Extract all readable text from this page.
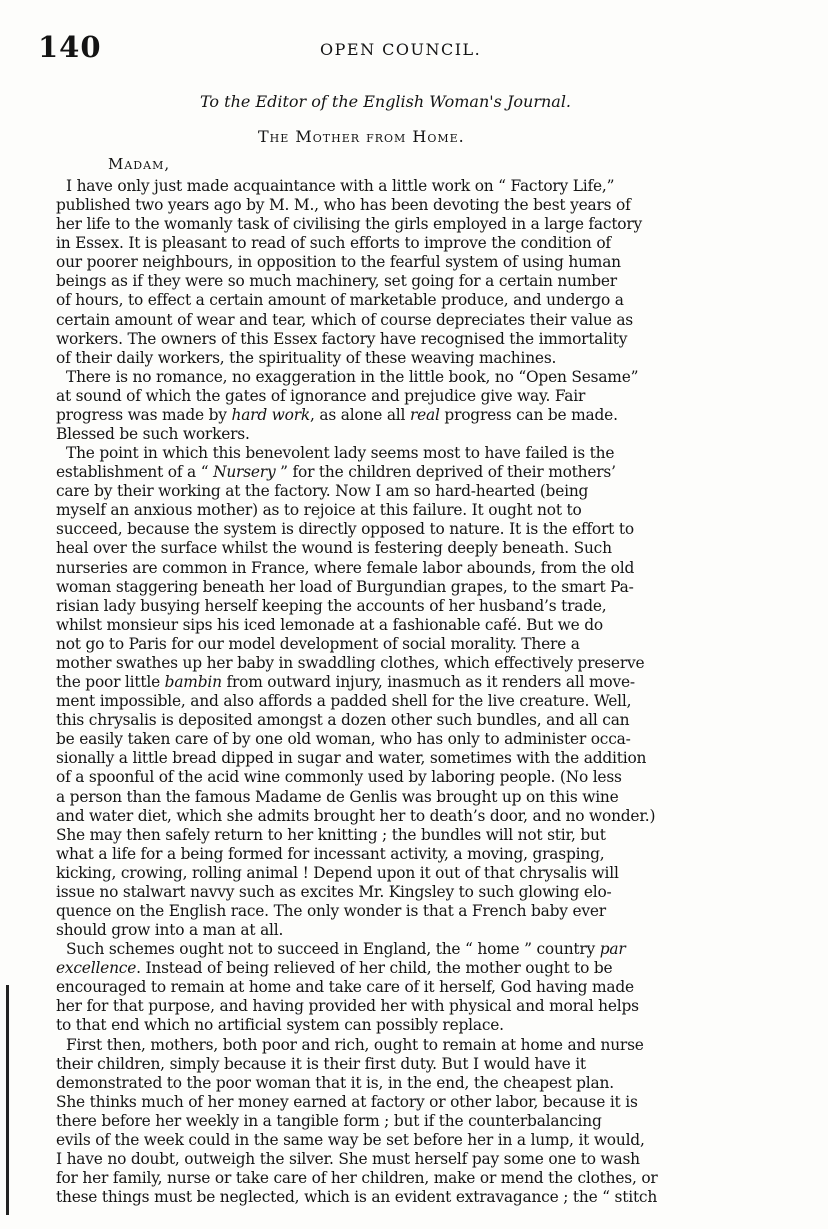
140	OPEN COUNCIL.
To the Editor of the English Woman's Journal.
The Mother from Home.
Madam,
I have only just made acquaintance with a little work on “ Factory Life,”
published two years ago by M. M., who has been devoting the best years of
her life to the womanly task of civilising the girls employed in a large factory
in Essex. It is pleasant to read of such efforts to improve the condition of
our poorer neighbours, in opposition to the fearful system of using human
beings as if they were so much machinery, set going for a certain number
of hours, to effect a certain amount of marketable produce, and undergo a
certain amount of wear and tear, which of course depreciates their value as
workers. The owners of this Essex factory have recognised the immortality
of their daily workers, the spirituality of these weaving machines.
There is no romance, no exaggeration in the little book, no “Open Sesame”
at sound of which the gates of ignorance and prejudice give way. Fair
progress was made by hard work, as alone all real progress can be made.
Blessed be such workers.
The point in which this benevolent lady seems most to have failed is the
establishment of a “ Nursery ” for the children deprived of their mothers’
care by their working at the factory. Now I am so hard-hearted (being
myself an anxious mother) as to rejoice at this failure. It ought not to
succeed, because the system is directly opposed to nature. It is the effort to
heal over the surface whilst the wound is festering deeply beneath. Such
nurseries are common in France, where female labor abounds, from the old
woman staggering beneath her load of Burgundian grapes, to the smart Pa-
risian lady busying herself keeping the accounts of her husband’s trade,
whilst monsieur sips his iced lemonade at a fashionable café. But we do
not go to Paris for our model development of social morality. There a
mother swathes up her baby in swaddling clothes, which effectively preserve
the poor little bambin from outward injury, inasmuch as it renders all move-
ment impossible, and also affords a padded shell for the live creature. Well,
this chrysalis is deposited amongst a dozen other such bundles, and all can
be easily taken care of by one old woman, who has only to administer occa-
sionally a little bread dipped in sugar and water, sometimes with the addition
of a spoonful of the acid wine commonly used by laboring people. (No less
a person than the famous Madame de Genlis was brought up on this wine
and water diet, which she admits brought her to death’s door, and no wonder.)
She may then safely return to her knitting ; the bundles will not stir, but
what a life for a being formed for incessant activity, a moving, grasping,
kicking, crowing, rolling animal ! Depend upon it out of that chrysalis will
issue no stalwart navvy such as excites Mr. Kingsley to such glowing elo-
quence on the English race. The only wonder is that a French baby ever
should grow into a man at all.
Such schemes ought not to succeed in England, the “ home ” country par
excellence. Instead of being relieved of her child, the mother ought to be
encouraged to remain at home and take care of it herself, God having made
her for that purpose, and having provided her with physical and moral helps
to that end which no artificial system can possibly replace.
First then, mothers, both poor and rich, ought to remain at home and nurse
their children, simply because it is their first duty. But I would have it
demonstrated to the poor woman that it is, in the end, the cheapest plan.
She thinks much of her money earned at factory or other labor, because it is
there before her weekly in a tangible form ; but if the counterbalancing
evils of the week could in the same way be set before her in a lump, it would,
I have no doubt, outweigh the silver. She must herself pay some one to wash
for her family, nurse or take care of her children, make or mend the clothes, or
these things must be neglected, which is an evident extravagance ; the “ stitch
